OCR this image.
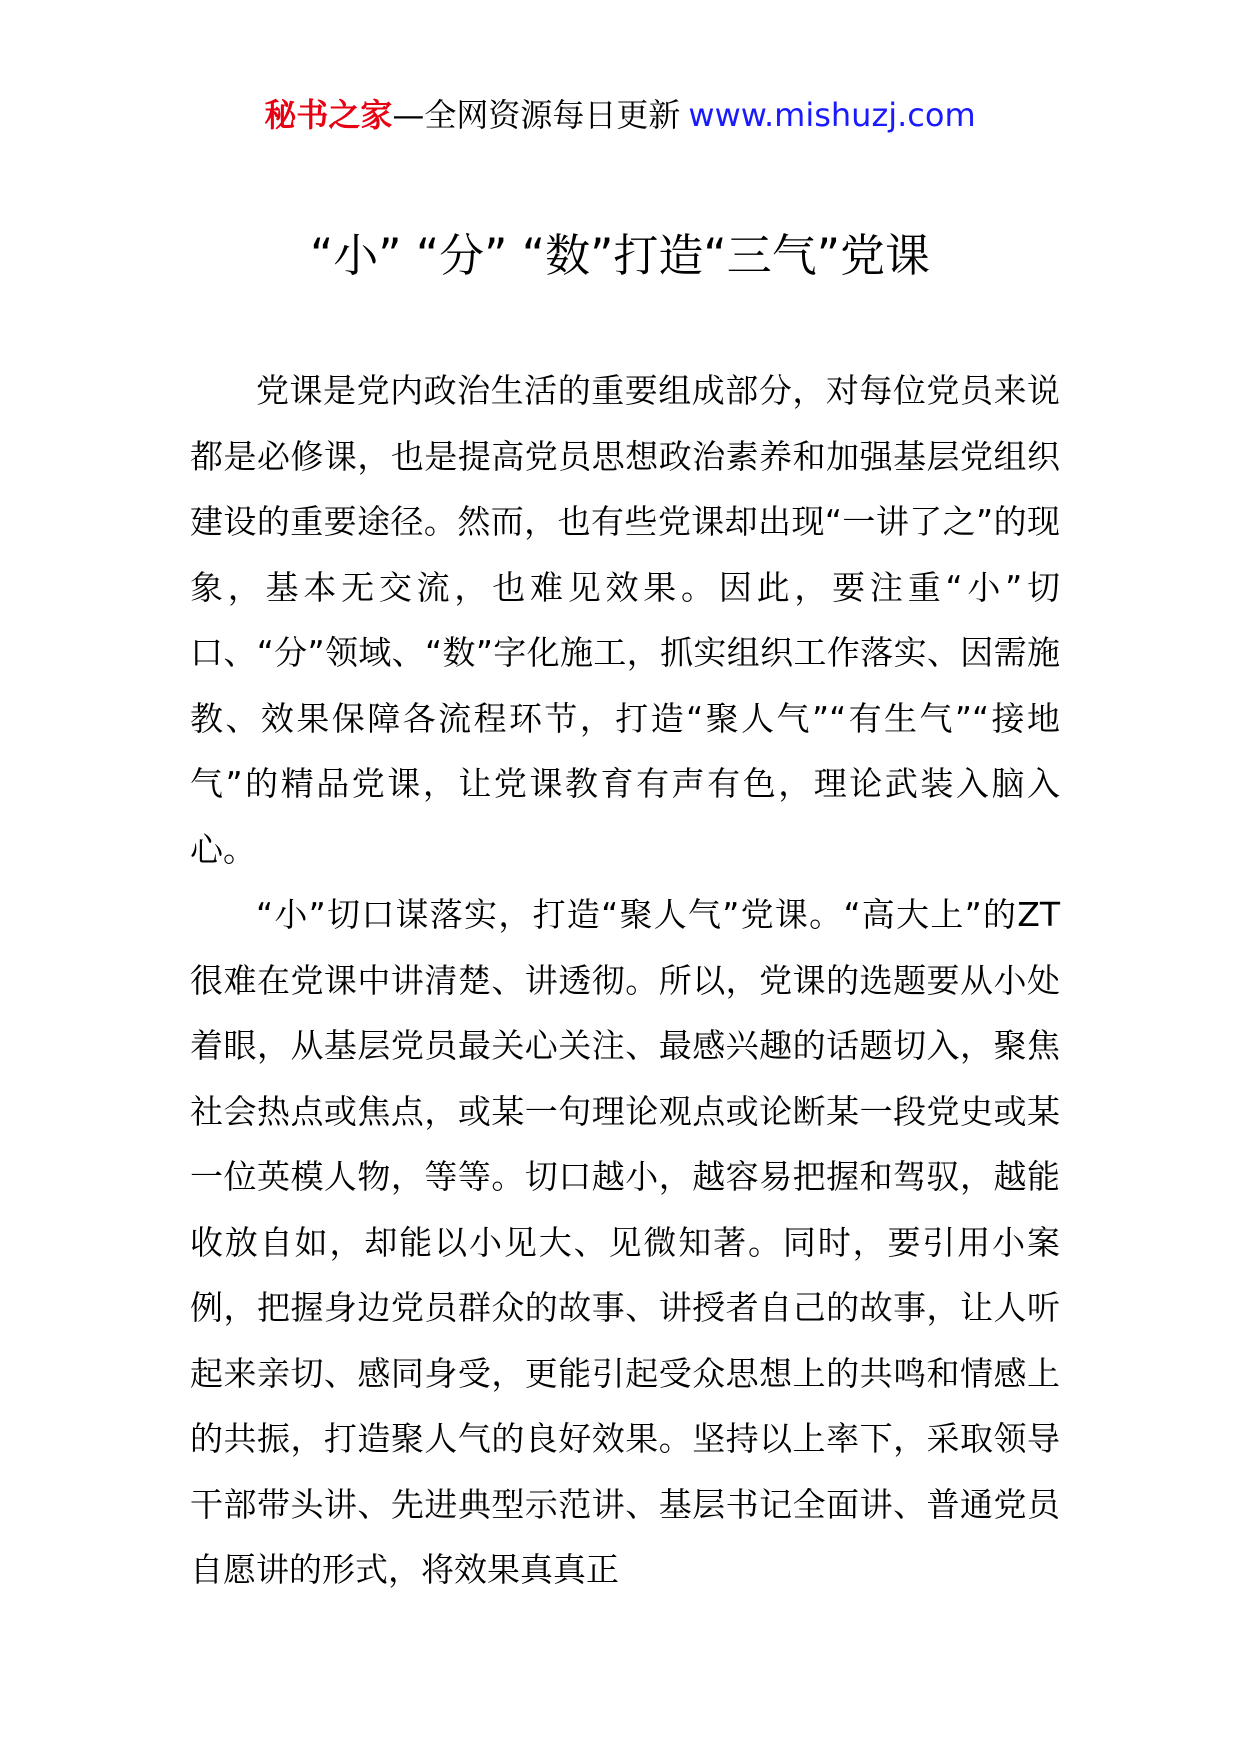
秘书之家—全网资源每日更新 www.mishuzj.com
“小” “分” “数”打造“三气”党课

党课是党内政治生活的重要组成部分，对每位党员来说都是必修课，也是提高党员思想政治素养和加强基层党组织建设的重要途径。然而，也有些党课却出现“一讲了之”的现象，基本无交流，也难见效果。因此，要注重“小”切口、“分”领域、“数”字化施工，抓实组织工作落实、因需施教、效果保障各流程环节，打造“聚人气”“有生气”“接地气”的精品党课，让党课教育有声有色，理论武装入脑入心。

“小”切口谋落实，打造“聚人气”党课。“高大上”的ZT很难在党课中讲清楚、讲透彻。所以，党课的选题要从小处着眼，从基层党员最关心关注、最感兴趣的话题切入，聚焦社会热点或焦点，或某一句理论观点或论断某一段党史或某一位英模人物，等等。切口越小，越容易把握和驾驭，越能收放自如，却能以小见大、见微知著。同时，要引用小案例，把握身边党员群众的故事、讲授者自己的故事，让人听起来亲切、感同身受，更能引起受众思想上的共鸣和情感上的共振，打造聚人气的良好效果。坚持以上率下，采取领导干部带头讲、先进典型示范讲、基层书记全面讲、普通党员自愿讲的形式，将效果真真正
